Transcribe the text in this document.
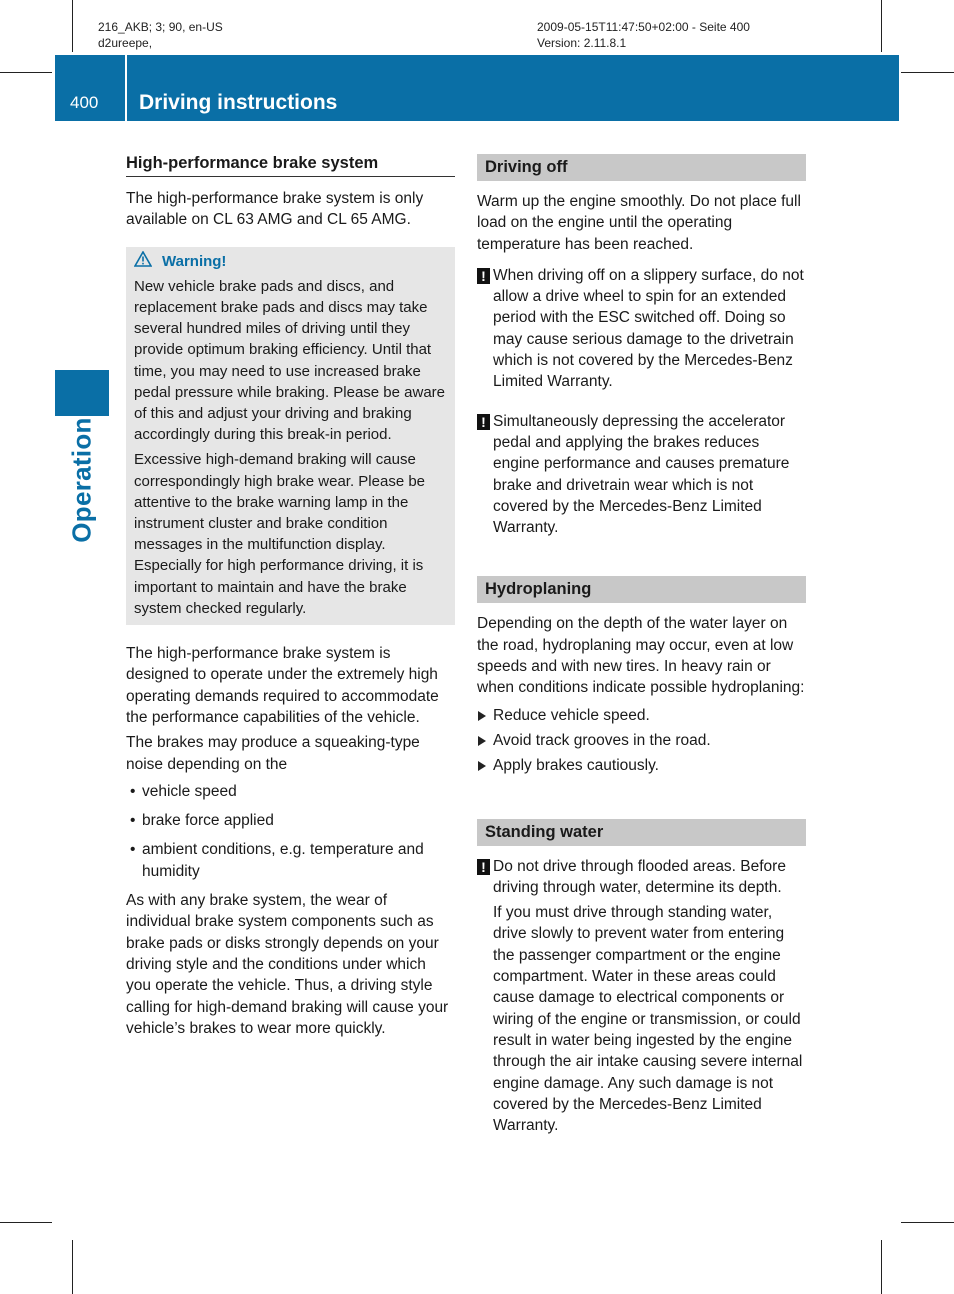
216_AKB; 3; 90, en-US
d2ureepe,
2009-05-15T11:47:50+02:00 - Seite 400
Version: 2.11.8.1
400	Driving instructions
Operation
High-performance brake system

The high-performance brake system is only available on CL 63 AMG and CL 65 AMG.

Warning!

New vehicle brake pads and discs, and replacement brake pads and discs may take several hundred miles of driving until they provide optimum braking efficiency. Until that time, you may need to use increased brake pedal pressure while braking. Please be aware of this and adjust your driving and braking accordingly during this break-in period.

Excessive high-demand braking will cause correspondingly high brake wear. Please be attentive to the brake warning lamp in the instrument cluster and brake condition messages in the multifunction display. Especially for high performance driving, it is important to maintain and have the brake system checked regularly.

The high-performance brake system is designed to operate under the extremely high operating demands required to accommodate the performance capabilities of the vehicle.

The brakes may produce a squeaking-type noise depending on the

• vehicle speed
• brake force applied
• ambient conditions, e.g. temperature and humidity

As with any brake system, the wear of individual brake system components such as brake pads or disks strongly depends on your driving style and the conditions under which you operate the vehicle. Thus, a driving style calling for high-demand braking will cause your vehicle’s brakes to wear more quickly.

Driving off

Warm up the engine smoothly. Do not place full load on the engine until the operating temperature has been reached.

! When driving off on a slippery surface, do not allow a drive wheel to spin for an extended period with the ESC switched off. Doing so may cause serious damage to the drivetrain which is not covered by the Mercedes-Benz Limited Warranty.
! Simultaneously depressing the accelerator pedal and applying the brakes reduces engine performance and causes premature brake and drivetrain wear which is not covered by the Mercedes-Benz Limited Warranty.
Hydroplaning

Depending on the depth of the water layer on the road, hydroplaning may occur, even at low speeds and with new tires. In heavy rain or when conditions indicate possible hydroplaning:

Reduce vehicle speed.
Avoid track grooves in the road.
Apply brakes cautiously.
Standing water
! Do not drive through flooded areas. Before driving through water, determine its depth.

If you must drive through standing water, drive slowly to prevent water from entering the passenger compartment or the engine compartment. Water in these areas could cause damage to electrical components or wiring of the engine or transmission, or could result in water being ingested by the engine through the air intake causing severe internal engine damage. Any such damage is not covered by the Mercedes-Benz Limited Warranty.
